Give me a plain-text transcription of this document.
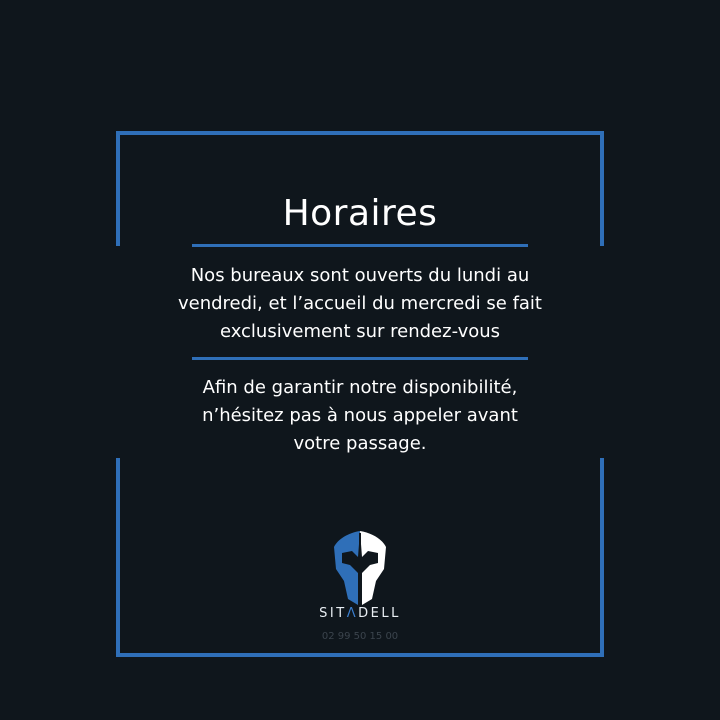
Horaires
Nos bureaux sont ouverts du lundi au
vendredi, et l’accueil du mercredi se fait
exclusivement sur rendez-vous
Afin de garantir notre disponibilité,
n’hésitez pas à nous appeler avant
votre passage.
SITΛDELL
02 99 50 15 00
